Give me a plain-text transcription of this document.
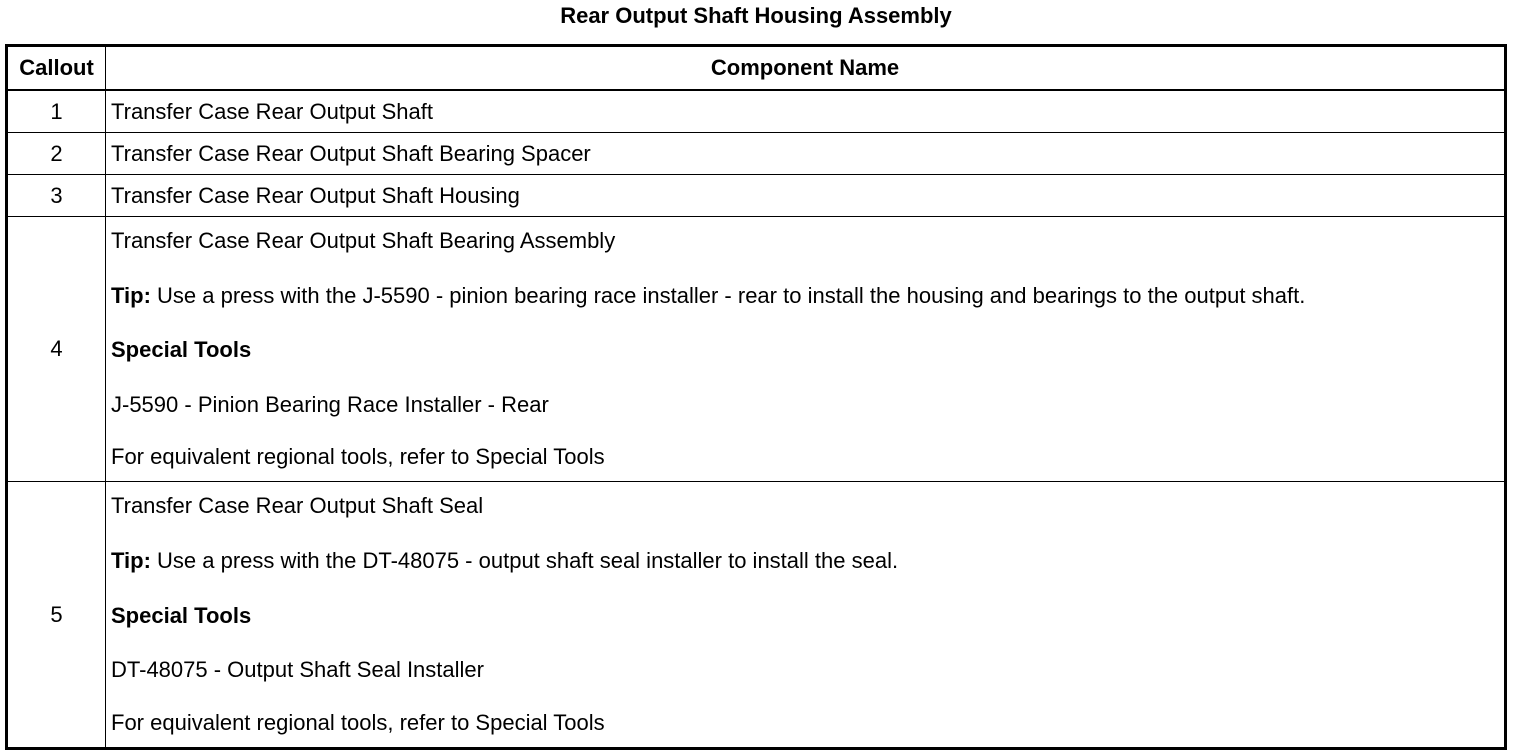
Rear Output Shaft Housing Assembly
Callout	Component Name
1	Transfer Case Rear Output Shaft
2	Transfer Case Rear Output Shaft Bearing Spacer
3	Transfer Case Rear Output Shaft Housing
4	Transfer Case Rear Output Shaft Bearing Assembly
Tip: Use a press with the J-5590 - pinion bearing race installer - rear to install the housing and bearings to the output shaft.
Special Tools
J-5590 - Pinion Bearing Race Installer - Rear
For equivalent regional tools, refer to Special Tools

5	Transfer Case Rear Output Shaft Seal
Tip: Use a press with the DT-48075 - output shaft seal installer to install the seal.
Special Tools
DT-48075 - Output Shaft Seal Installer
For equivalent regional tools, refer to Special Tools
